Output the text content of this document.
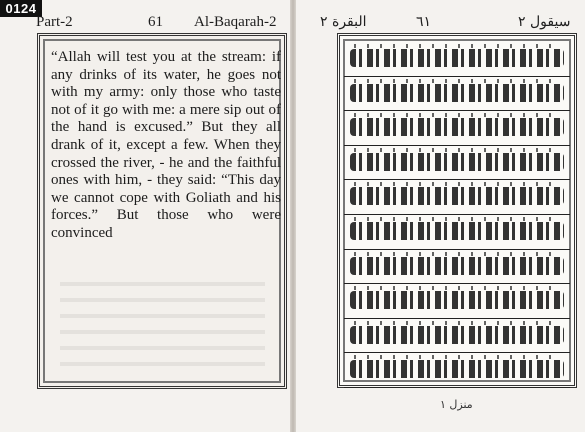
0124
Part-2	61 Al-Baqarah-2	البقرة ٢	٦١	سيقول ٢

“Allah will test you at the stream: if any drinks of its water, he goes not with my army: only those who taste not of it go with me: a mere sip out of the hand is excused.” But they all drank of it, except a few. When they crossed the river, - he and the faithful ones with him, - they said: “This day we cannot cope with Goliath and his forces.” But those who were convinced

منزل ١
